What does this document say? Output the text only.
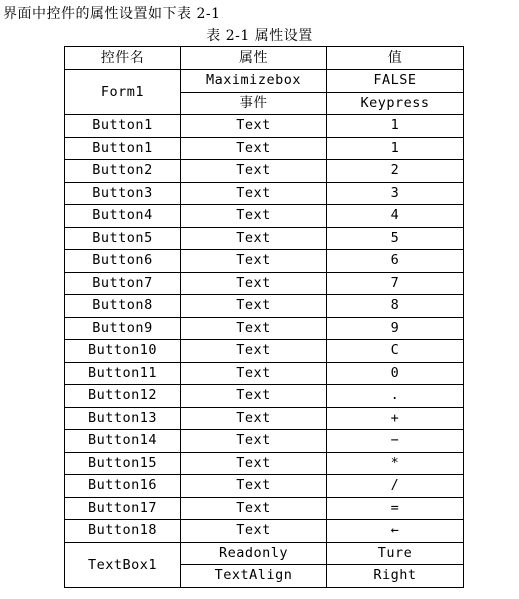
界面中控件的属性设置如下表 2-1
表 2-1 属性设置
控件名	属性	值
Form1	Maximizebox	FALSE
	事件	Keypress
Button1	Text	1
Button1	Text	1
Button2	Text	2
Button3	Text	3
Button4	Text	4
Button5	Text	5
Button6	Text	6
Button7	Text	7
Button8	Text	8
Button9	Text	9
Button10	Text	C
Button11	Text	0
Button12	Text	.
Button13	Text	+
Button14	Text	−
Button15	Text	*
Button16	Text	/
Button17	Text	=
Button18	Text	←
TextBox1	Readonly	Ture
	TextAlign	Right
